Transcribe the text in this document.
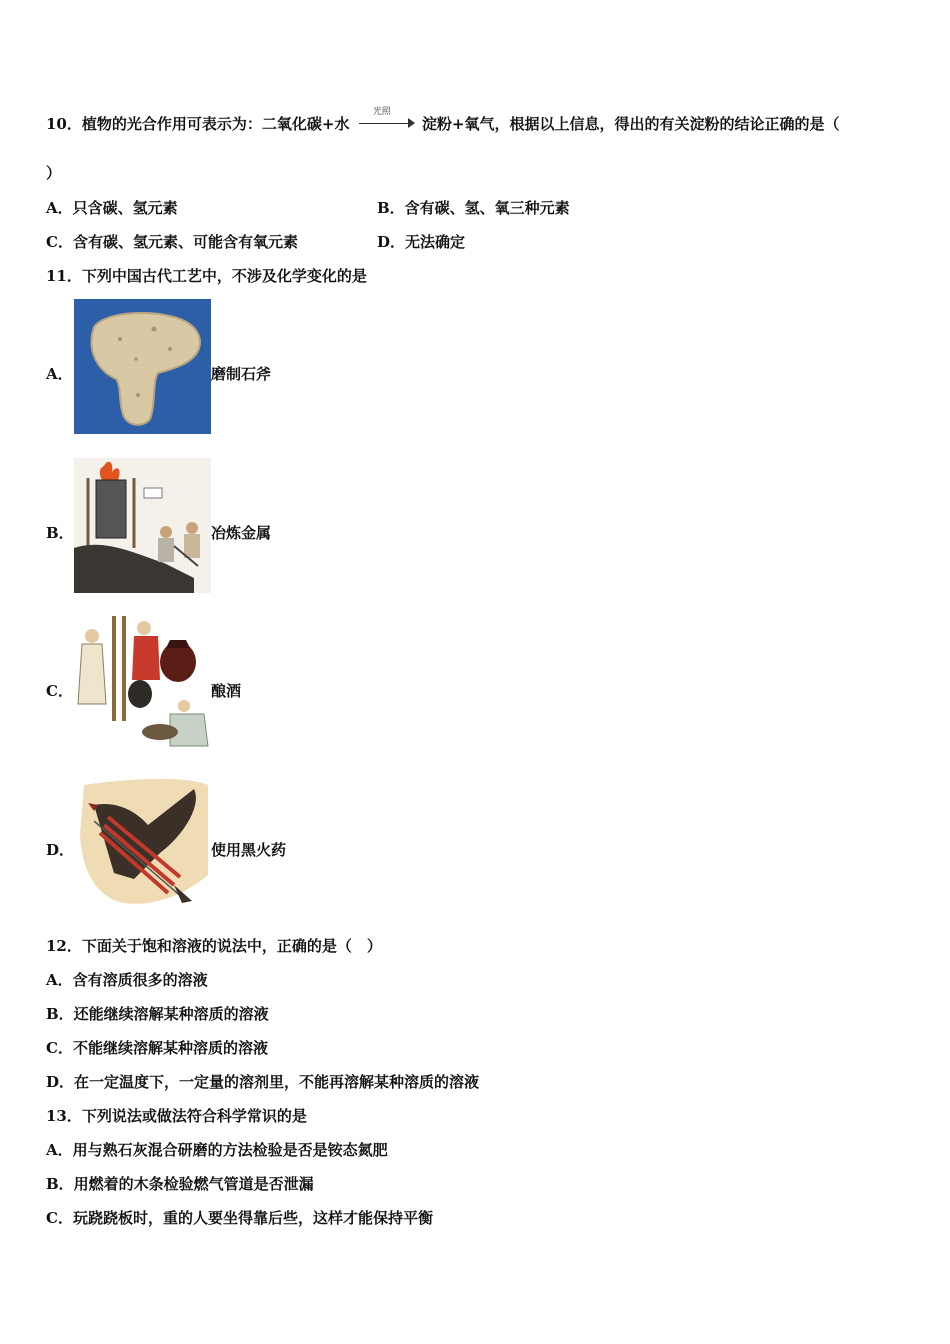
10．植物的光合作用可表示为：二氧化碳+水
光照
淀粉+氧气，根据以上信息，得出的有关淀粉的结论正确的是（
）
A．只含碳、氢元素	B．含有碳、氢、氧三种元素
C．含有碳、氢元素、可能含有氧元素	D．无法确定
11．下列中国古代工艺中，不涉及化学变化的是
A．	磨制石斧
B．	冶炼金属
C．	酿酒
D．	使用黑火药
12．下面关于饱和溶液的说法中，正确的是（　）
A．含有溶质很多的溶液
B．还能继续溶解某种溶质的溶液
C．不能继续溶解某种溶质的溶液
D．在一定温度下，一定量的溶剂里，不能再溶解某种溶质的溶液
13．下列说法或做法符合科学常识的是
A．用与熟石灰混合研磨的方法检验是否是铵态氮肥
B．用燃着的木条检验燃气管道是否泄漏
C．玩跷跷板时，重的人要坐得靠后些，这样才能保持平衡
